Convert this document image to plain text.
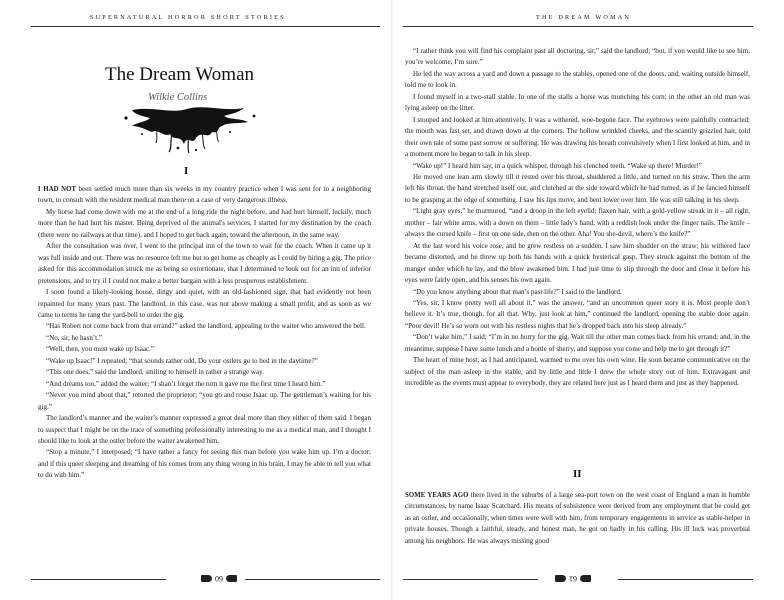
SUPERNATURAL HORROR SHORT STORIES
The Dream Woman
Wilkie Collins
I

I HAD NOT been settled much more than six weeks in my country practice when I was sent for to a neighboring town, to consult with the resident medical man there on a case of very dangerous illness.

My horse had come down with me at the end of a long ride the night before, and had hurt himself, luckily, much more than he had hurt his master. Being deprived of the animal's services, I started for my destination by the coach (there were no railways at that time), and I hoped to get back again, toward the afternoon, in the same way.

After the consultation was over, I went to the principal inn of the town to wait for the coach. When it came up it was full inside and out. There was no resource left me but to get home as cheaply as I could by hiring a gig. The price asked for this accommodation struck me as being so extortionate, that I determined to look out for an inn of inferior pretensions, and to try if I could not make a better bargain with a less prosperous establishment.

I soon found a likely-looking house, dingy and quiet, with an old-fashioned sign, that had evidently not been repainted for many years past. The landlord, in this case, was not above making a small profit, and as soon as we came to terms he rang the yard-bell to order the gig.

“Has Robert not come back from that errand?” asked the landlord, appealing to the waiter who answered the bell.

“No, sir, he hasn’t.”

“Well, then, you must wake up Isaac.”

“Wake up Isaac!” I repeated; “that sounds rather odd. Do your ostlers go to bed in the daytime?”

“This one does,” said the landlord, smiling to himself in rather a strange way.

“And dreams too,” added the waiter; “I shan’t forget the turn it gave me the first time I heard him.”

“Never you mind about that,” retorted the proprietor; “you go and rouse Isaac up. The gentleman’s waiting for his gig.”

The landlord’s manner and the waiter’s manner expressed a great deal more than they either of them said. I began to suspect that I might be on the trace of something professionally interesting to me as a medical man, and I thought I should like to look at the ostler before the waiter awakened him.

“Stop a minute,” I interposed; “I have rather a fancy for seeing this man before you wake him up. I’m a doctor; and if this queer sleeping and dreaming of his comes from any thing wrong in his brain, I may be able to tell you what to do with him.”

60
THE DREAM WOMAN

“I rather think you will find his complaint past all doctoring, sir,” said the landlord; “but, if you would like to see him, you’re welcome, I’m sure.”

He led the way across a yard and down a passage to the stables, opened one of the doors, and, waiting outside himself, told me to look in.

I found myself in a two-stall stable. In one of the stalls a horse was munching his corn; in the other an old man was lying asleep on the litter.

I stooped and looked at him attentively. It was a withered, woe-begone face. The eyebrows were painfully contracted; the mouth was fast set, and drawn down at the corners. The hollow wrinkled cheeks, and the scantily grizzled hair, told their own tale of some past sorrow or suffering. He was drawing his breath convulsively when I first looked at him, and in a moment more he began to talk in his sleep.

“Wake up!” I heard him say, in a quick whisper, through his clenched teeth. “Wake up there! Murder!”

He moved one lean arm slowly till it rested over his throat, shuddered a little, and turned on his straw. Then the arm left his throat, the hand stretched itself out, and clutched at the side toward which he had turned, as if he fancied himself to be grasping at the edge of something. I saw his lips move, and bent lower over him. He was still talking in his sleep.

“Light gray eyes,” he murmured, “and a droop in the left eyelid; flaxen hair, with a gold-yellow streak in it – all right, mother – fair white arms, with a down on them – little lady’s hand, with a reddish look under the finger nails. The knife – always the cursed knife – first on one side, then on the other. Aha! You she-devil, where’s the knife?”

At the last word his voice rose, and he grew restless on a sudden. I saw him shudder on the straw; his withered face became distorted, and he threw up both his hands with a quick hysterical gasp. They struck against the bottom of the manger under which he lay, and the blow awakened him. I had just time to slip through the door and close it before his eyes were fairly open, and his senses his own again.

“Do you know anything about that man’s past life?” I said to the landlord.

“Yes, sir, I know pretty well all about it,” was the answer, “and an uncommon queer story it is. Most people don’t believe it. It’s true, though, for all that. Why, just look at him,” continued the landlord, opening the stable door again. “Poor devil! He’s so worn out with his restless nights that he’s dropped back into his sleep already.”

“Don’t wake him,” I said; “I’m in no hurry for the gig. Wait till the other man comes back from his errand; and, in the meantime, suppose I have some lunch and a bottle of sherry, and suppose you come and help me to get through it?”

The heart of mine host, as I had anticipated, warmed to me over his own wine. He soon became communicative on the subject of the man asleep in the stable, and by little and little I drew the whole story out of him. Extravagant and incredible as the events must appear to everybody, they are related here just as I heard them and just as they happened.

II

SOME YEARS AGO there lived in the suburbs of a large sea-port town on the west coast of England a man in humble circumstances, by name Isaac Scatchard. His means of subsistence were derived from any employment that he could get as an ostler, and occasionally, when times were well with him, from temporary engagements in service as stable-helper in private houses. Though a faithful, steady, and honest man, he got on badly in his calling. His ill luck was proverbial among his neighbors. He was always missing good

61
